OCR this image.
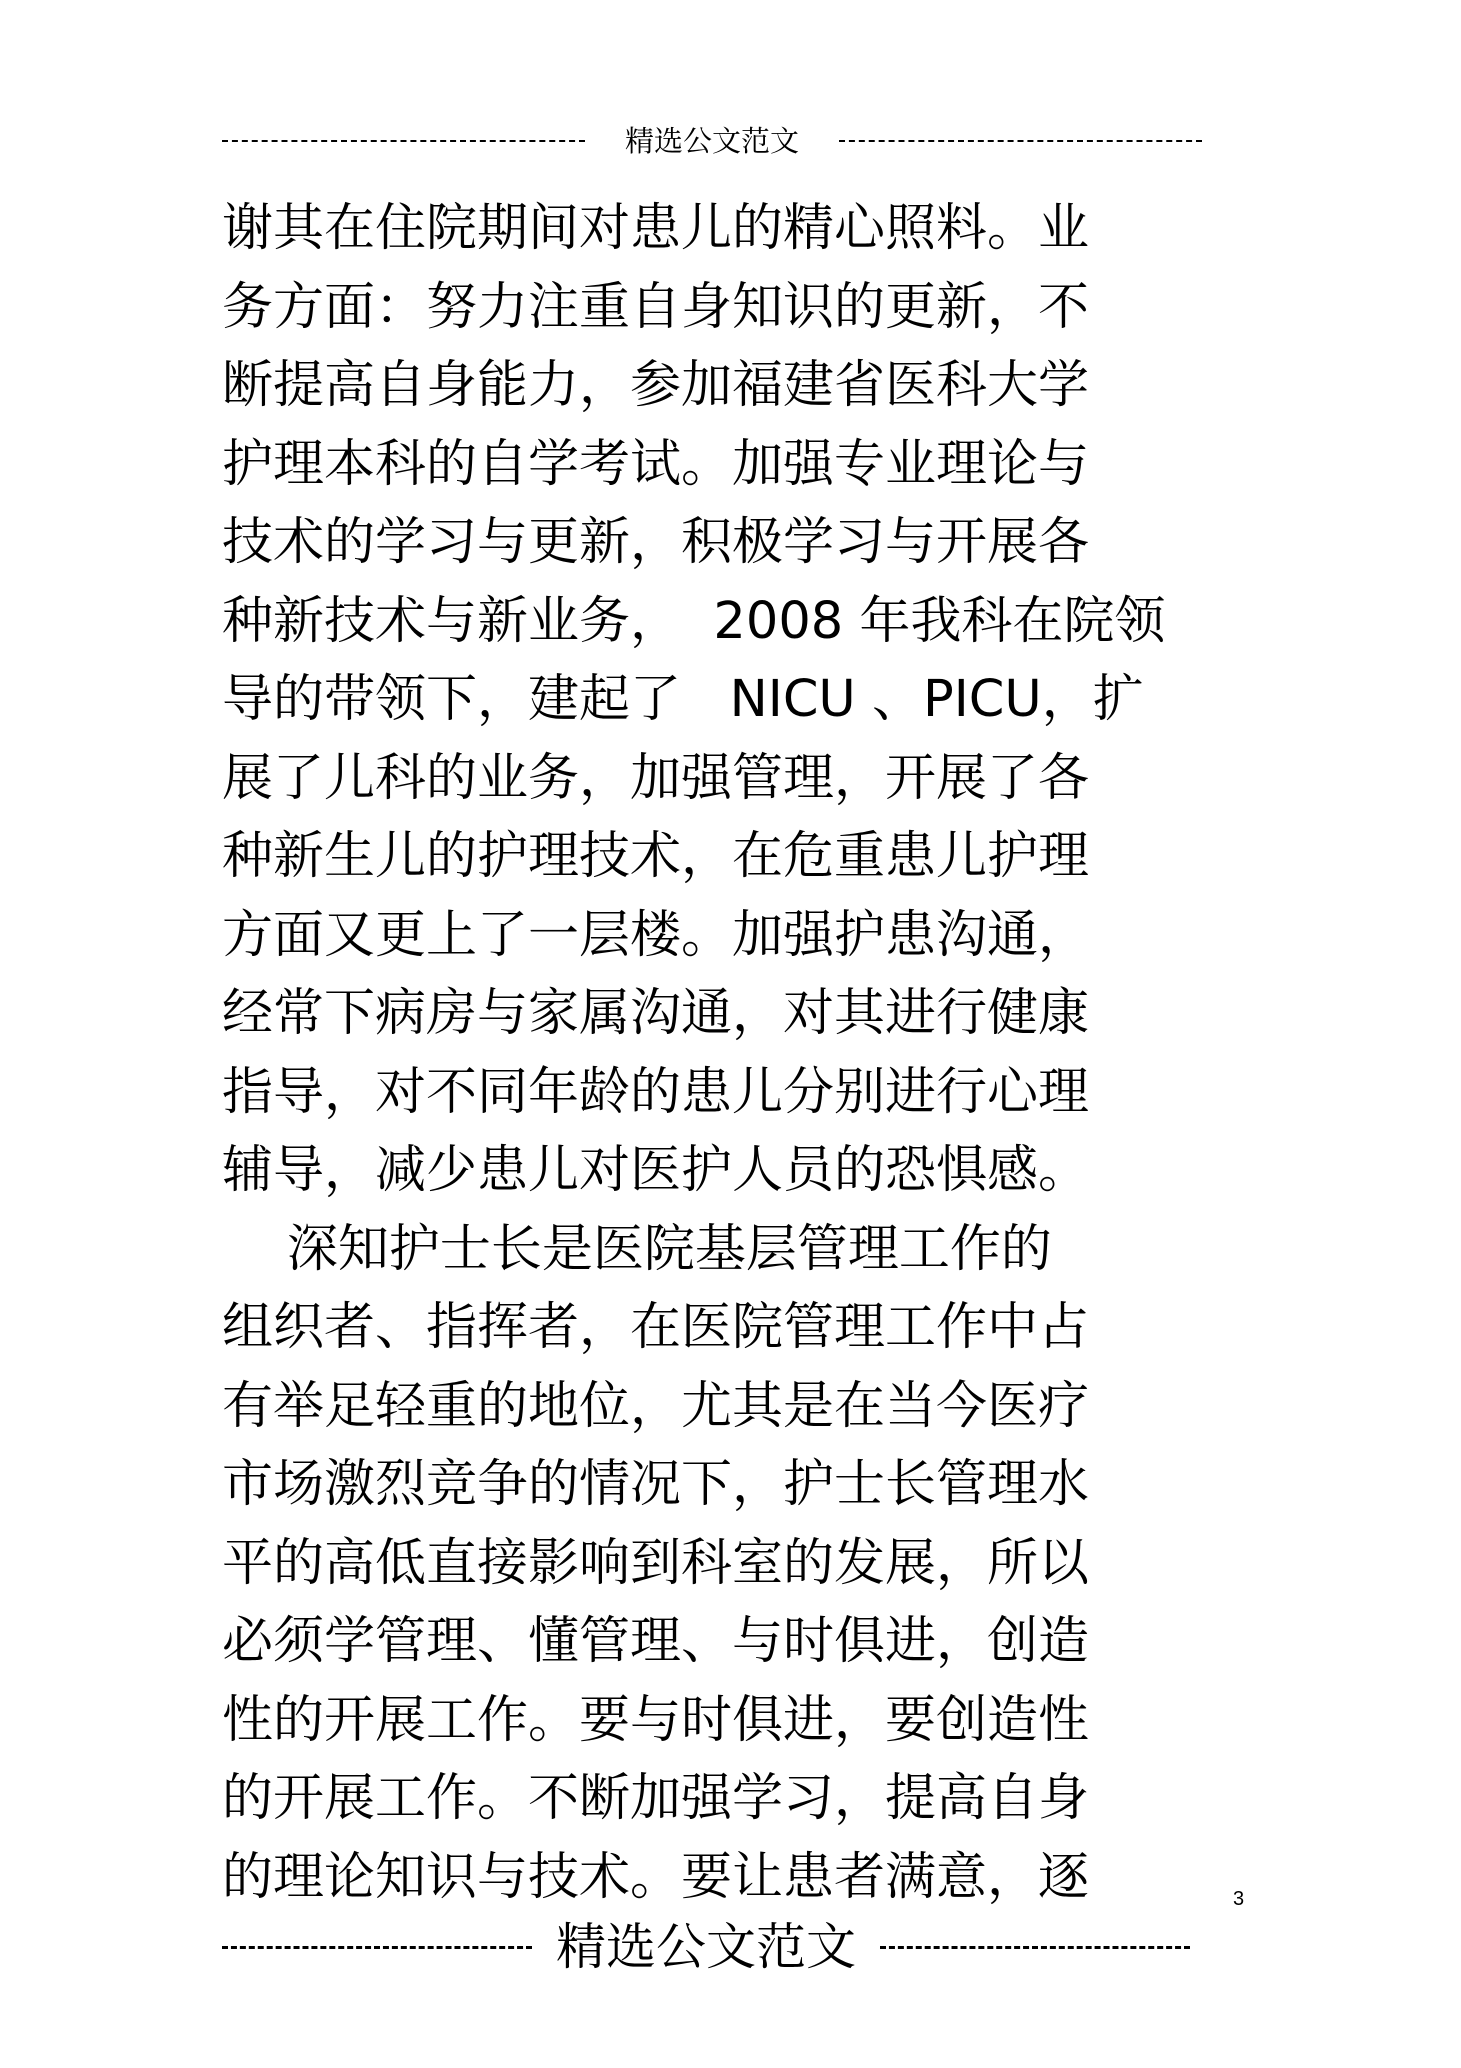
精选公文范文
谢其在住院期间对患儿的精心照料。业
务方面：努力注重自身知识的更新，不
断提高自身能力，参加福建省医科大学
护理本科的自学考试。加强专业理论与
技术的学习与更新，积极学习与开展各
种新技术与新业务，  2008 年我科在院领
导的带领下，建起了   NICU 、PICU，扩
展了儿科的业务，加强管理，开展了各
种新生儿的护理技术，在危重患儿护理
方面又更上了一层楼。加强护患沟通，
经常下病房与家属沟通，对其进行健康
指导，对不同年龄的患儿分别进行心理
辅导，减少患儿对医护人员的恐惧感。
深知护士长是医院基层管理工作的
组织者、指挥者，在医院管理工作中占
有举足轻重的地位，尤其是在当今医疗
市场激烈竞争的情况下，护士长管理水
平的高低直接影响到科室的发展，所以
必须学管理、懂管理、与时俱进，创造
性的开展工作。要与时俱进，要创造性
的开展工作。不断加强学习，提高自身
的理论知识与技术。要让患者满意，逐	3
精选公文范文
